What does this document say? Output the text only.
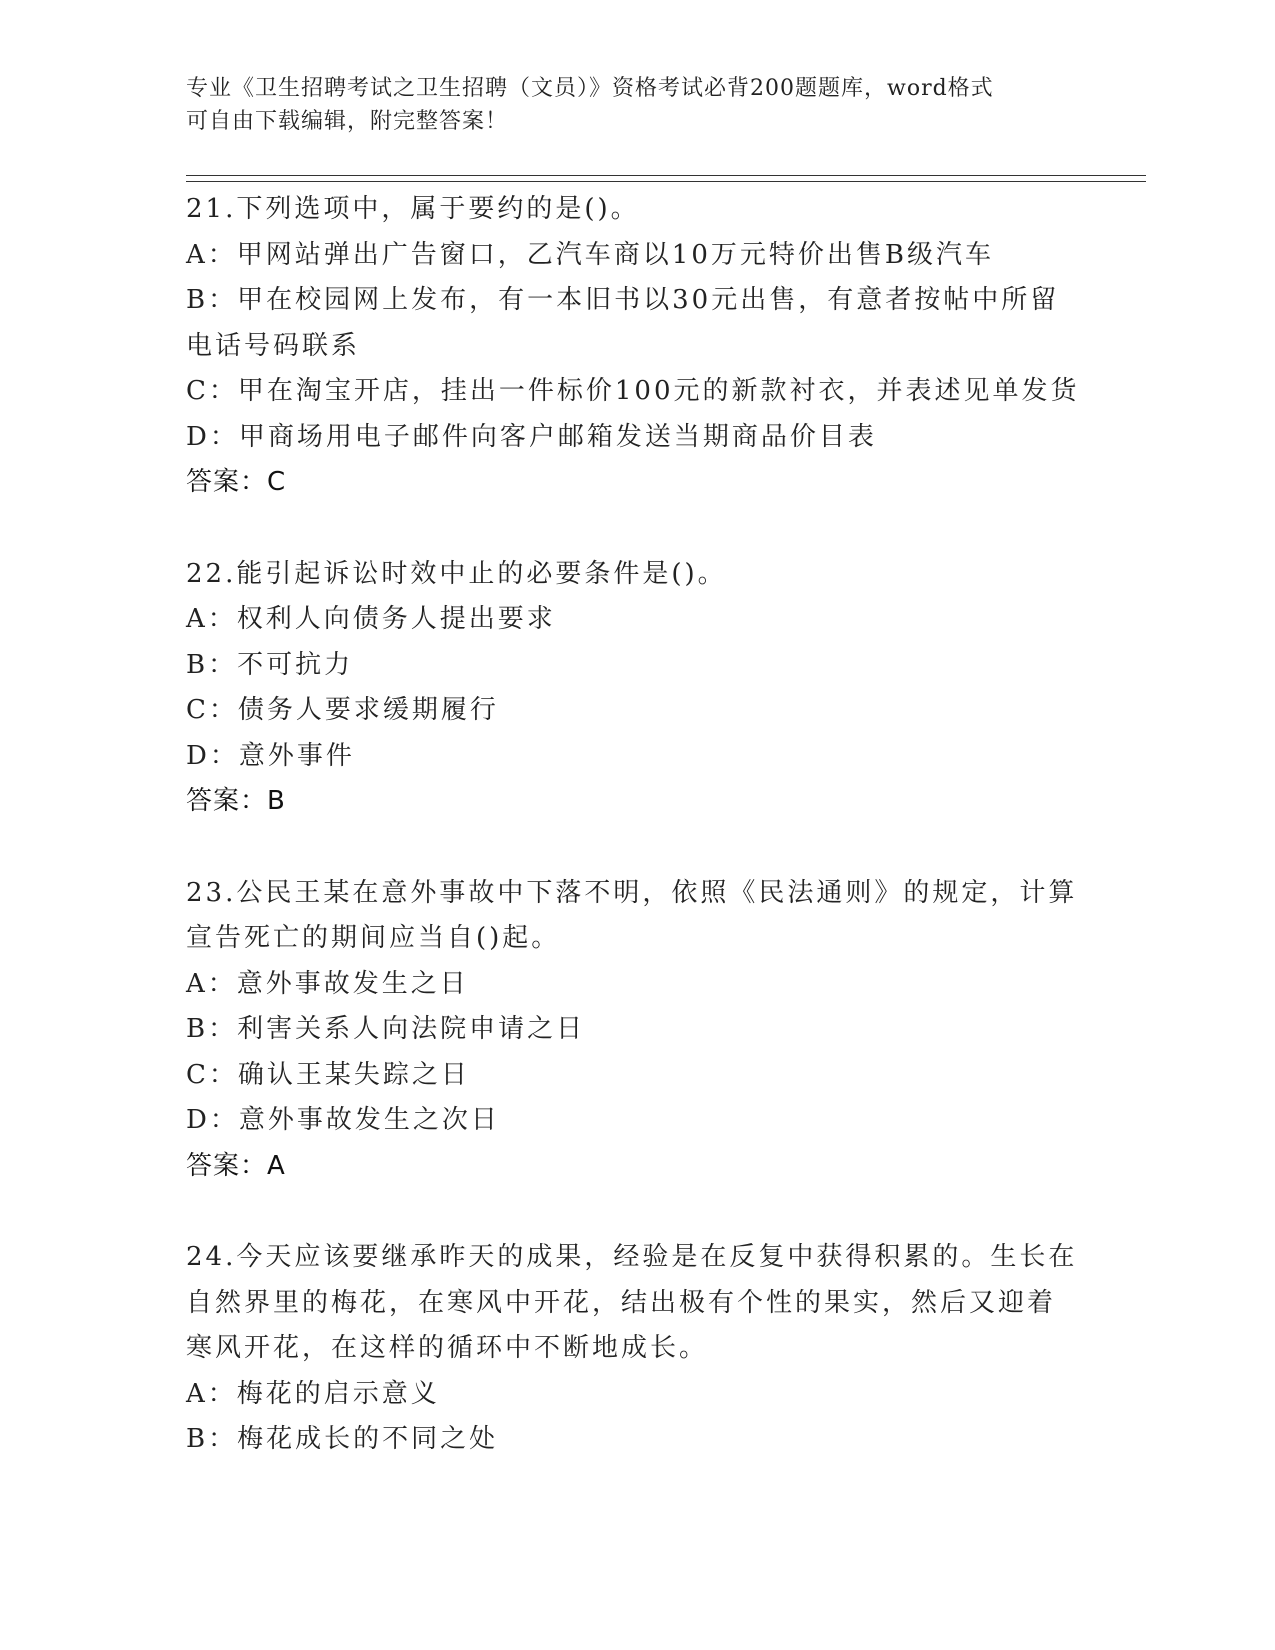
专业《卫生招聘考试之卫生招聘（文员）》资格考试必背200题题库，word格式
可自由下载编辑，附完整答案！
21.下列选项中，属于要约的是()。
A：甲网站弹出广告窗口，乙汽车商以10万元特价出售B级汽车
B：甲在校园网上发布，有一本旧书以30元出售，有意者按帖中所留
电话号码联系
C：甲在淘宝开店，挂出一件标价100元的新款衬衣，并表述见单发货
D：甲商场用电子邮件向客户邮箱发送当期商品价目表
答案：C
22.能引起诉讼时效中止的必要条件是()。
A：权利人向债务人提出要求
B：不可抗力
C：债务人要求缓期履行
D：意外事件
答案：B
23.公民王某在意外事故中下落不明，依照《民法通则》的规定，计算
宣告死亡的期间应当自()起。
A：意外事故发生之日
B：利害关系人向法院申请之日
C：确认王某失踪之日
D：意外事故发生之次日
答案：A
24.今天应该要继承昨天的成果，经验是在反复中获得积累的。生长在
自然界里的梅花，在寒风中开花，结出极有个性的果实，然后又迎着
寒风开花，在这样的循环中不断地成长。
A：梅花的启示意义
B：梅花成长的不同之处
